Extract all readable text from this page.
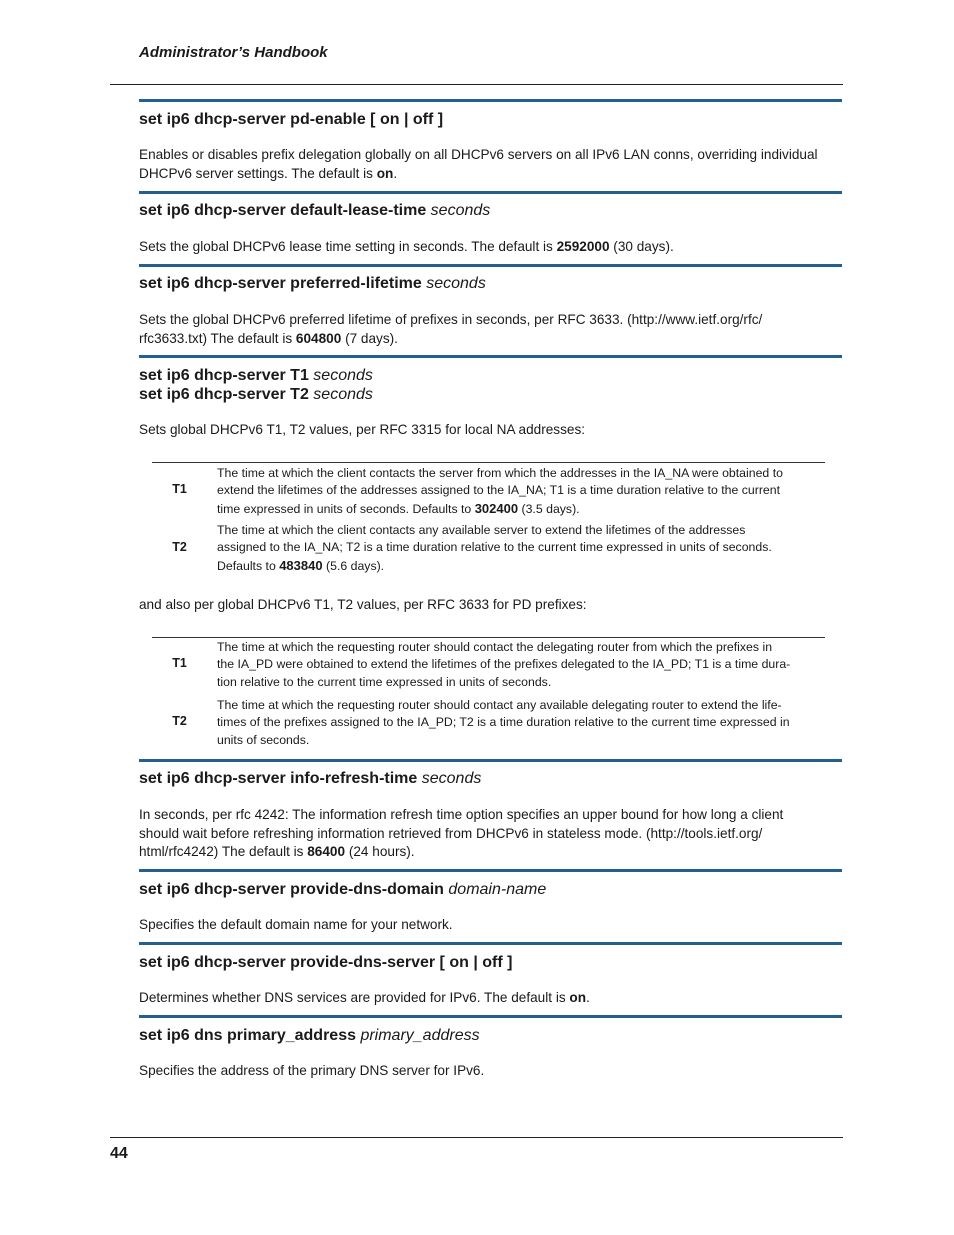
Administrator’s Handbook
set ip6 dhcp-server pd-enable [ on | off ]
Enables or disables prefix delegation globally on all DHCPv6 servers on all IPv6 LAN conns, overriding individual DHCPv6 server settings. The default is on.
set ip6 dhcp-server default-lease-time seconds
Sets the global DHCPv6 lease time setting in seconds. The default is 2592000 (30 days).
set ip6 dhcp-server preferred-lifetime seconds
Sets the global DHCPv6 preferred lifetime of prefixes in seconds, per RFC 3633. (http://www.ietf.org/rfc/
rfc3633.txt) The default is 604800 (7 days).
set ip6 dhcp-server T1 seconds
set ip6 dhcp-server T2 seconds
Sets global DHCPv6 T1, T2 values, per RFC 3315 for local NA addresses:
T1
The time at which the client contacts the server from which the addresses in the IA_NA were obtained to
extend the lifetimes of the addresses assigned to the IA_NA; T1 is a time duration relative to the current
time expressed in units of seconds. Defaults to 302400 (3.5 days).
T2
The time at which the client contacts any available server to extend the lifetimes of the addresses
assigned to the IA_NA; T2 is a time duration relative to the current time expressed in units of seconds.
Defaults to 483840 (5.6 days).
and also per global DHCPv6 T1, T2 values, per RFC 3633 for PD prefixes:
T1
The time at which the requesting router should contact the delegating router from which the prefixes in
the IA_PD were obtained to extend the lifetimes of the prefixes delegated to the IA_PD; T1 is a time dura-
tion relative to the current time expressed in units of seconds.
T2
The time at which the requesting router should contact any available delegating router to extend the life-
times of the prefixes assigned to the IA_PD; T2 is a time duration relative to the current time expressed in
units of seconds.
set ip6 dhcp-server info-refresh-time seconds
In seconds, per rfc 4242: The information refresh time option specifies an upper bound for how long a client
should wait before refreshing information retrieved from DHCPv6 in stateless mode. (http://tools.ietf.org/
html/rfc4242) The default is 86400 (24 hours).
set ip6 dhcp-server provide-dns-domain domain-name
Specifies the default domain name for your network.
set ip6 dhcp-server provide-dns-server [ on | off ]
Determines whether DNS services are provided for IPv6. The default is on.
set ip6 dns primary_address primary_address
Specifies the address of the primary DNS server for IPv6.
44
